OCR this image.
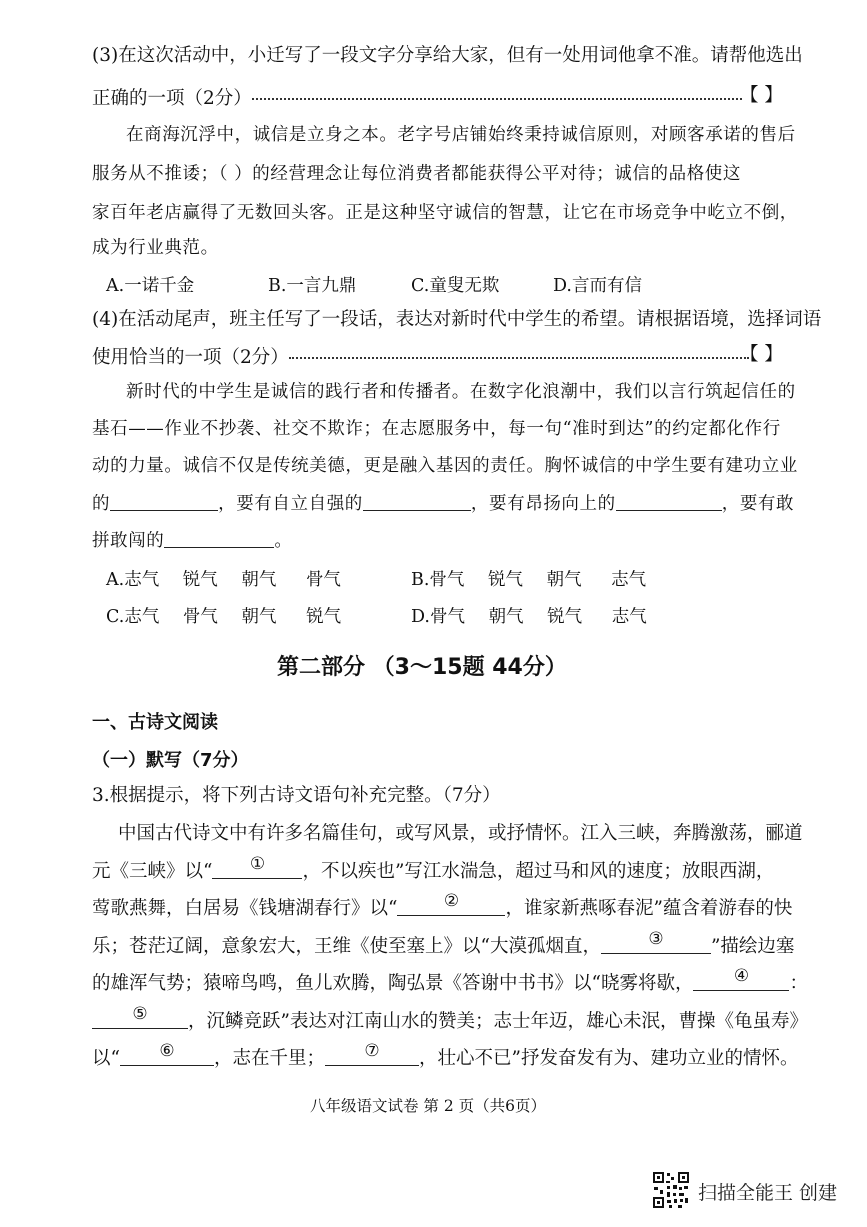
(3)在这次活动中，小迁写了一段文字分享给大家，但有一处用词他拿不准。请帮他选出
正确的一项（2分）	【 】
在商海沉浮中，诚信是立身之本。老字号店铺始终秉持诚信原则，对顾客承诺的售后
服务从不推诿；（ ）的经营理念让每位消费者都能获得公平对待；诚信的品格使这
家百年老店赢得了无数回头客。正是这种坚守诚信的智慧，让它在市场竞争中屹立不倒，
成为行业典范。
A.一诺千金	B.一言九鼎	C.童叟无欺	D.言而有信
(4)在活动尾声，班主任写了一段话，表达对新时代中学生的希望。请根据语境，选择词语
使用恰当的一项（2分）	【 】
新时代的中学生是诚信的践行者和传播者。在数字化浪潮中，我们以言行筑起信任的
基石——作业不抄袭、社交不欺诈；在志愿服务中，每一句“准时到达”的约定都化作行
动的力量。诚信不仅是传统美德，更是融入基因的责任。胸怀诚信的中学生要有建功立业
的	，要有自立自强的	，要有昂扬向上的	，要有敢
拼敢闯的	。
A.志气 锐气 朝气 骨气	B.骨气 锐气 朝气 志气
C.志气 骨气 朝气 锐气	D.骨气 朝气 锐气 志气
第二部分 （3～15题 44分）
一、古诗文阅读
（一）默写（7分）
3.根据提示，将下列古诗文语句补充完整。（7分）
中国古代诗文中有许多名篇佳句，或写风景，或抒情怀。江入三峡，奔腾激荡，郦道
元《三峡》以“	①	，不以疾也”写江水湍急，超过马和风的速度；放眼西湖，
莺歌燕舞，白居易《钱塘湖春行》以“	②	，谁家新燕啄春泥”蕴含着游春的快
乐；苍茫辽阔，意象宏大，王维《使至塞上》以“大漠孤烟直，	③	”描绘边塞
的雄浑气势；猿啼鸟鸣，鱼儿欢腾，陶弘景《答谢中书书》以“晓雾将歇，	④	：
⑤	，沉鳞竞跃”表达对江南山水的赞美；志士年迈，雄心未泯，曹操《龟虽寿》
以“	⑥	，志在千里；	⑦	，壮心不已”抒发奋发有为、建功立业的情怀。
八年级语文试卷 第 2 页（共6页）
扫描全能王 创建
